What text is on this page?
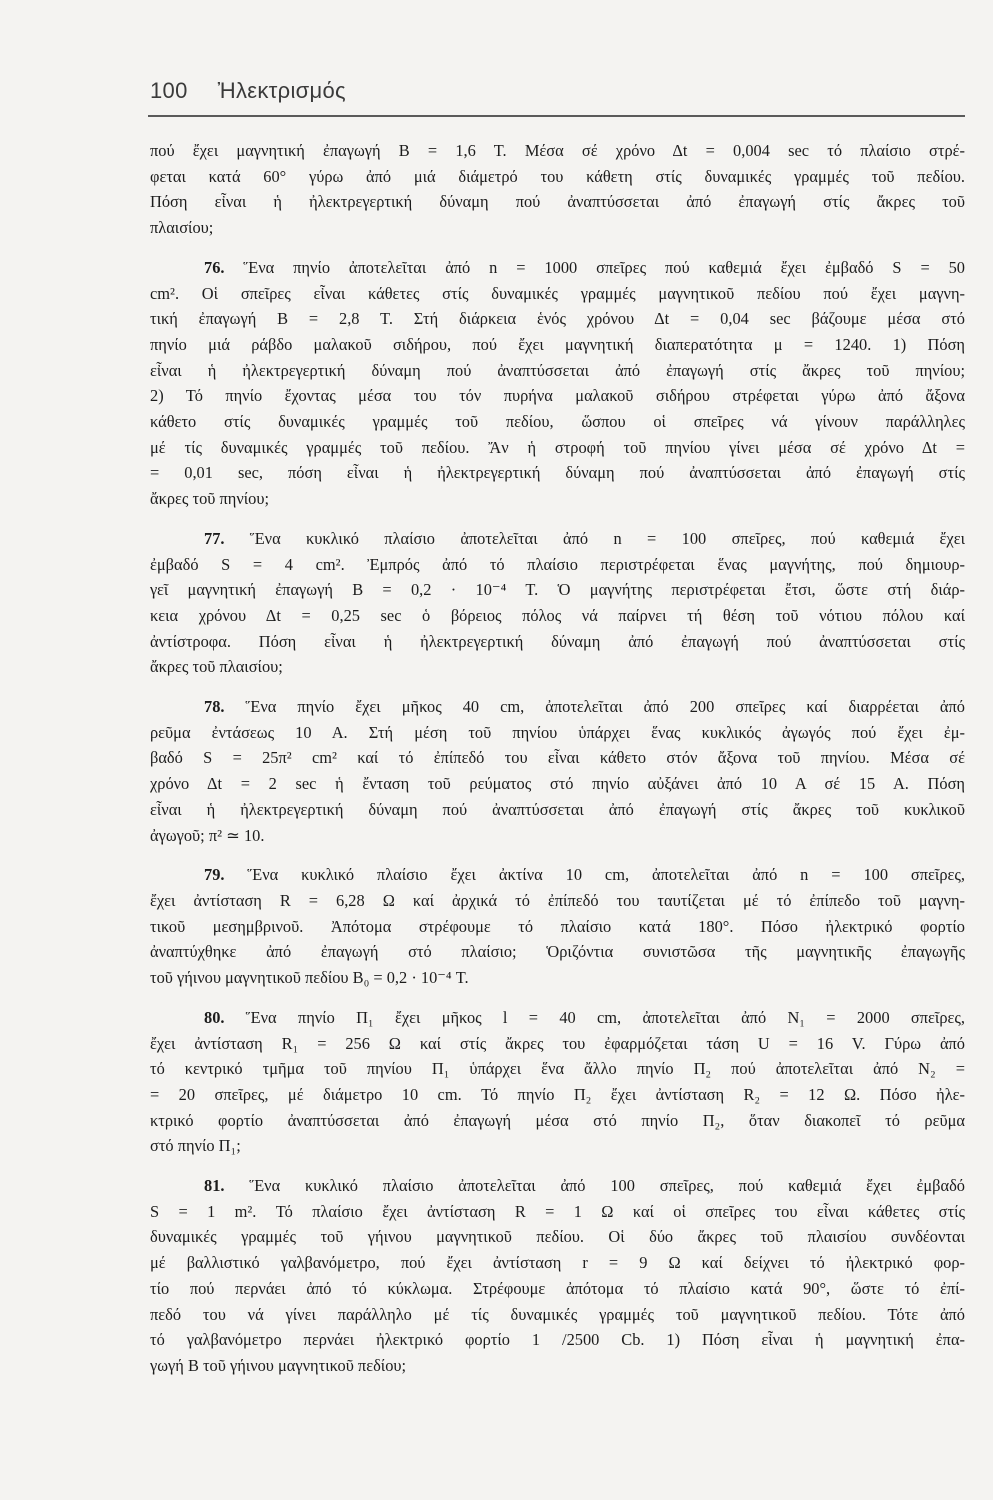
100 Ἠλεκτρισμός

πού ἔχει μαγνητική ἐπαγωγή Β = 1,6 Τ. Μέσα σέ χρόνο Δt = 0,004 sec τό πλαίσιο στρέ-
φεται κατά 60° γύρω ἀπό μιά διάμετρό του κάθετη στίς δυναμικές γραμμές τοῦ πεδίου.
Πόση εἶναι ἡ ἠλεκτρεγερτική δύναμη πού ἀναπτύσσεται ἀπό ἐπαγωγή στίς ἄκρες τοῦ
πλαισίου;

76. Ἕνα πηνίο ἀποτελεῖται ἀπό n = 1000 σπεῖρες πού καθεμιά ἔχει ἐμβαδό S = 50
cm². Οἱ σπεῖρες εἶναι κάθετες στίς δυναμικές γραμμές μαγνητικοῦ πεδίου πού ἔχει μαγνη-
τική ἐπαγωγή Β = 2,8 Τ. Στή διάρκεια ἑνός χρόνου Δt = 0,04 sec βάζουμε μέσα στό
πηνίο μιά ράβδο μαλακοῦ σιδήρου, πού ἔχει μαγνητική διαπερατότητα μ = 1240. 1) Πόση
εἶναι ἡ ἠλεκτρεγερτική δύναμη πού ἀναπτύσσεται ἀπό ἐπαγωγή στίς ἄκρες τοῦ πηνίου;
2) Τό πηνίο ἔχοντας μέσα του τόν πυρήνα μαλακοῦ σιδήρου στρέφεται γύρω ἀπό ἄξονα
κάθετο στίς δυναμικές γραμμές τοῦ πεδίου, ὥσπου οἱ σπεῖρες νά γίνουν παράλληλες
μέ τίς δυναμικές γραμμές τοῦ πεδίου. Ἄν ἡ στροφή τοῦ πηνίου γίνει μέσα σέ χρόνο Δt =
= 0,01 sec, πόση εἶναι ἡ ἠλεκτρεγερτική δύναμη πού ἀναπτύσσεται ἀπό ἐπαγωγή στίς
ἄκρες τοῦ πηνίου;

77. Ἕνα κυκλικό πλαίσιο ἀποτελεῖται ἀπό n = 100 σπεῖρες, πού καθεμιά ἔχει
ἐμβαδό S = 4 cm². Ἐμπρός ἀπό τό πλαίσιο περιστρέφεται ἕνας μαγνήτης, πού δημιουρ-
γεῖ μαγνητική ἐπαγωγή Β = 0,2 · 10⁻⁴ Τ. Ὁ μαγνήτης περιστρέφεται ἔτσι, ὥστε στή διάρ-
κεια χρόνου Δt = 0,25 sec ὁ βόρειος πόλος νά παίρνει τή θέση τοῦ νότιου πόλου καί
ἀντίστροφα. Πόση εἶναι ἡ ἠλεκτρεγερτική δύναμη ἀπό ἐπαγωγή πού ἀναπτύσσεται στίς
ἄκρες τοῦ πλαισίου;

78. Ἕνα πηνίο ἔχει μῆκος 40 cm, ἀποτελεῖται ἀπό 200 σπεῖρες καί διαρρέεται ἀπό
ρεῦμα ἐντάσεως 10 Α. Στή μέση τοῦ πηνίου ὑπάρχει ἕνας κυκλικός ἀγωγός πού ἔχει ἐμ-
βαδό S = 25π² cm² καί τό ἐπίπεδό του εἶναι κάθετο στόν ἄξονα τοῦ πηνίου. Μέσα σέ
χρόνο Δt = 2 sec ἡ ἔνταση τοῦ ρεύματος στό πηνίο αὐξάνει ἀπό 10 Α σέ 15 Α. Πόση
εἶναι ἡ ἠλεκτρεγερτική δύναμη πού ἀναπτύσσεται ἀπό ἐπαγωγή στίς ἄκρες τοῦ κυκλικοῦ
ἀγωγοῦ; π² ≃ 10.

79. Ἕνα κυκλικό πλαίσιο ἔχει ἀκτίνα 10 cm, ἀποτελεῖται ἀπό n = 100 σπεῖρες,
ἔχει ἀντίσταση R = 6,28 Ω καί ἀρχικά τό ἐπίπεδό του ταυτίζεται μέ τό ἐπίπεδο τοῦ μαγνη-
τικοῦ μεσημβρινοῦ. Ἀπότομα στρέφουμε τό πλαίσιο κατά 180°. Πόσο ἠλεκτρικό φορτίο
ἀναπτύχθηκε ἀπό ἐπαγωγή στό πλαίσιο; Ὁριζόντια συνιστῶσα τῆς μαγνητικῆς ἐπαγωγῆς
τοῦ γήινου μαγνητικοῦ πεδίου B₀ = 0,2 · 10⁻⁴ Τ.

80. Ἕνα πηνίο Π₁ ἔχει μῆκος l = 40 cm, ἀποτελεῖται ἀπό N₁ = 2000 σπεῖρες,
ἔχει ἀντίσταση R₁ = 256 Ω καί στίς ἄκρες του ἐφαρμόζεται τάση U = 16 V. Γύρω ἀπό
τό κεντρικό τμῆμα τοῦ πηνίου Π₁ ὑπάρχει ἕνα ἄλλο πηνίο Π₂ πού ἀποτελεῖται ἀπό N₂ =
= 20 σπεῖρες, μέ διάμετρο 10 cm. Τό πηνίο Π₂ ἔχει ἀντίσταση R₂ = 12 Ω. Πόσο ἠλε-
κτρικό φορτίο ἀναπτύσσεται ἀπό ἐπαγωγή μέσα στό πηνίο Π₂, ὅταν διακοπεῖ τό ρεῦμα
στό πηνίο Π₁;

81. Ἕνα κυκλικό πλαίσιο ἀποτελεῖται ἀπό 100 σπεῖρες, πού καθεμιά ἔχει ἐμβαδό
S = 1 m². Τό πλαίσιο ἔχει ἀντίσταση R = 1 Ω καί οἱ σπεῖρες του εἶναι κάθετες στίς
δυναμικές γραμμές τοῦ γήινου μαγνητικοῦ πεδίου. Οἱ δύο ἄκρες τοῦ πλαισίου συνδέονται
μέ βαλλιστικό γαλβανόμετρο, πού ἔχει ἀντίσταση r = 9 Ω καί δείχνει τό ἠλεκτρικό φορ-
τίο πού περνάει ἀπό τό κύκλωμα. Στρέφουμε ἀπότομα τό πλαίσιο κατά 90°, ὥστε τό ἐπί-
πεδό του νά γίνει παράλληλο μέ τίς δυναμικές γραμμές τοῦ μαγνητικοῦ πεδίου. Τότε ἀπό
τό γαλβανόμετρο περνάει ἠλεκτρικό φορτίο 1 /2500 Cb. 1) Πόση εἶναι ἡ μαγνητική ἐπα-
γωγή Β τοῦ γήινου μαγνητικοῦ πεδίου;
